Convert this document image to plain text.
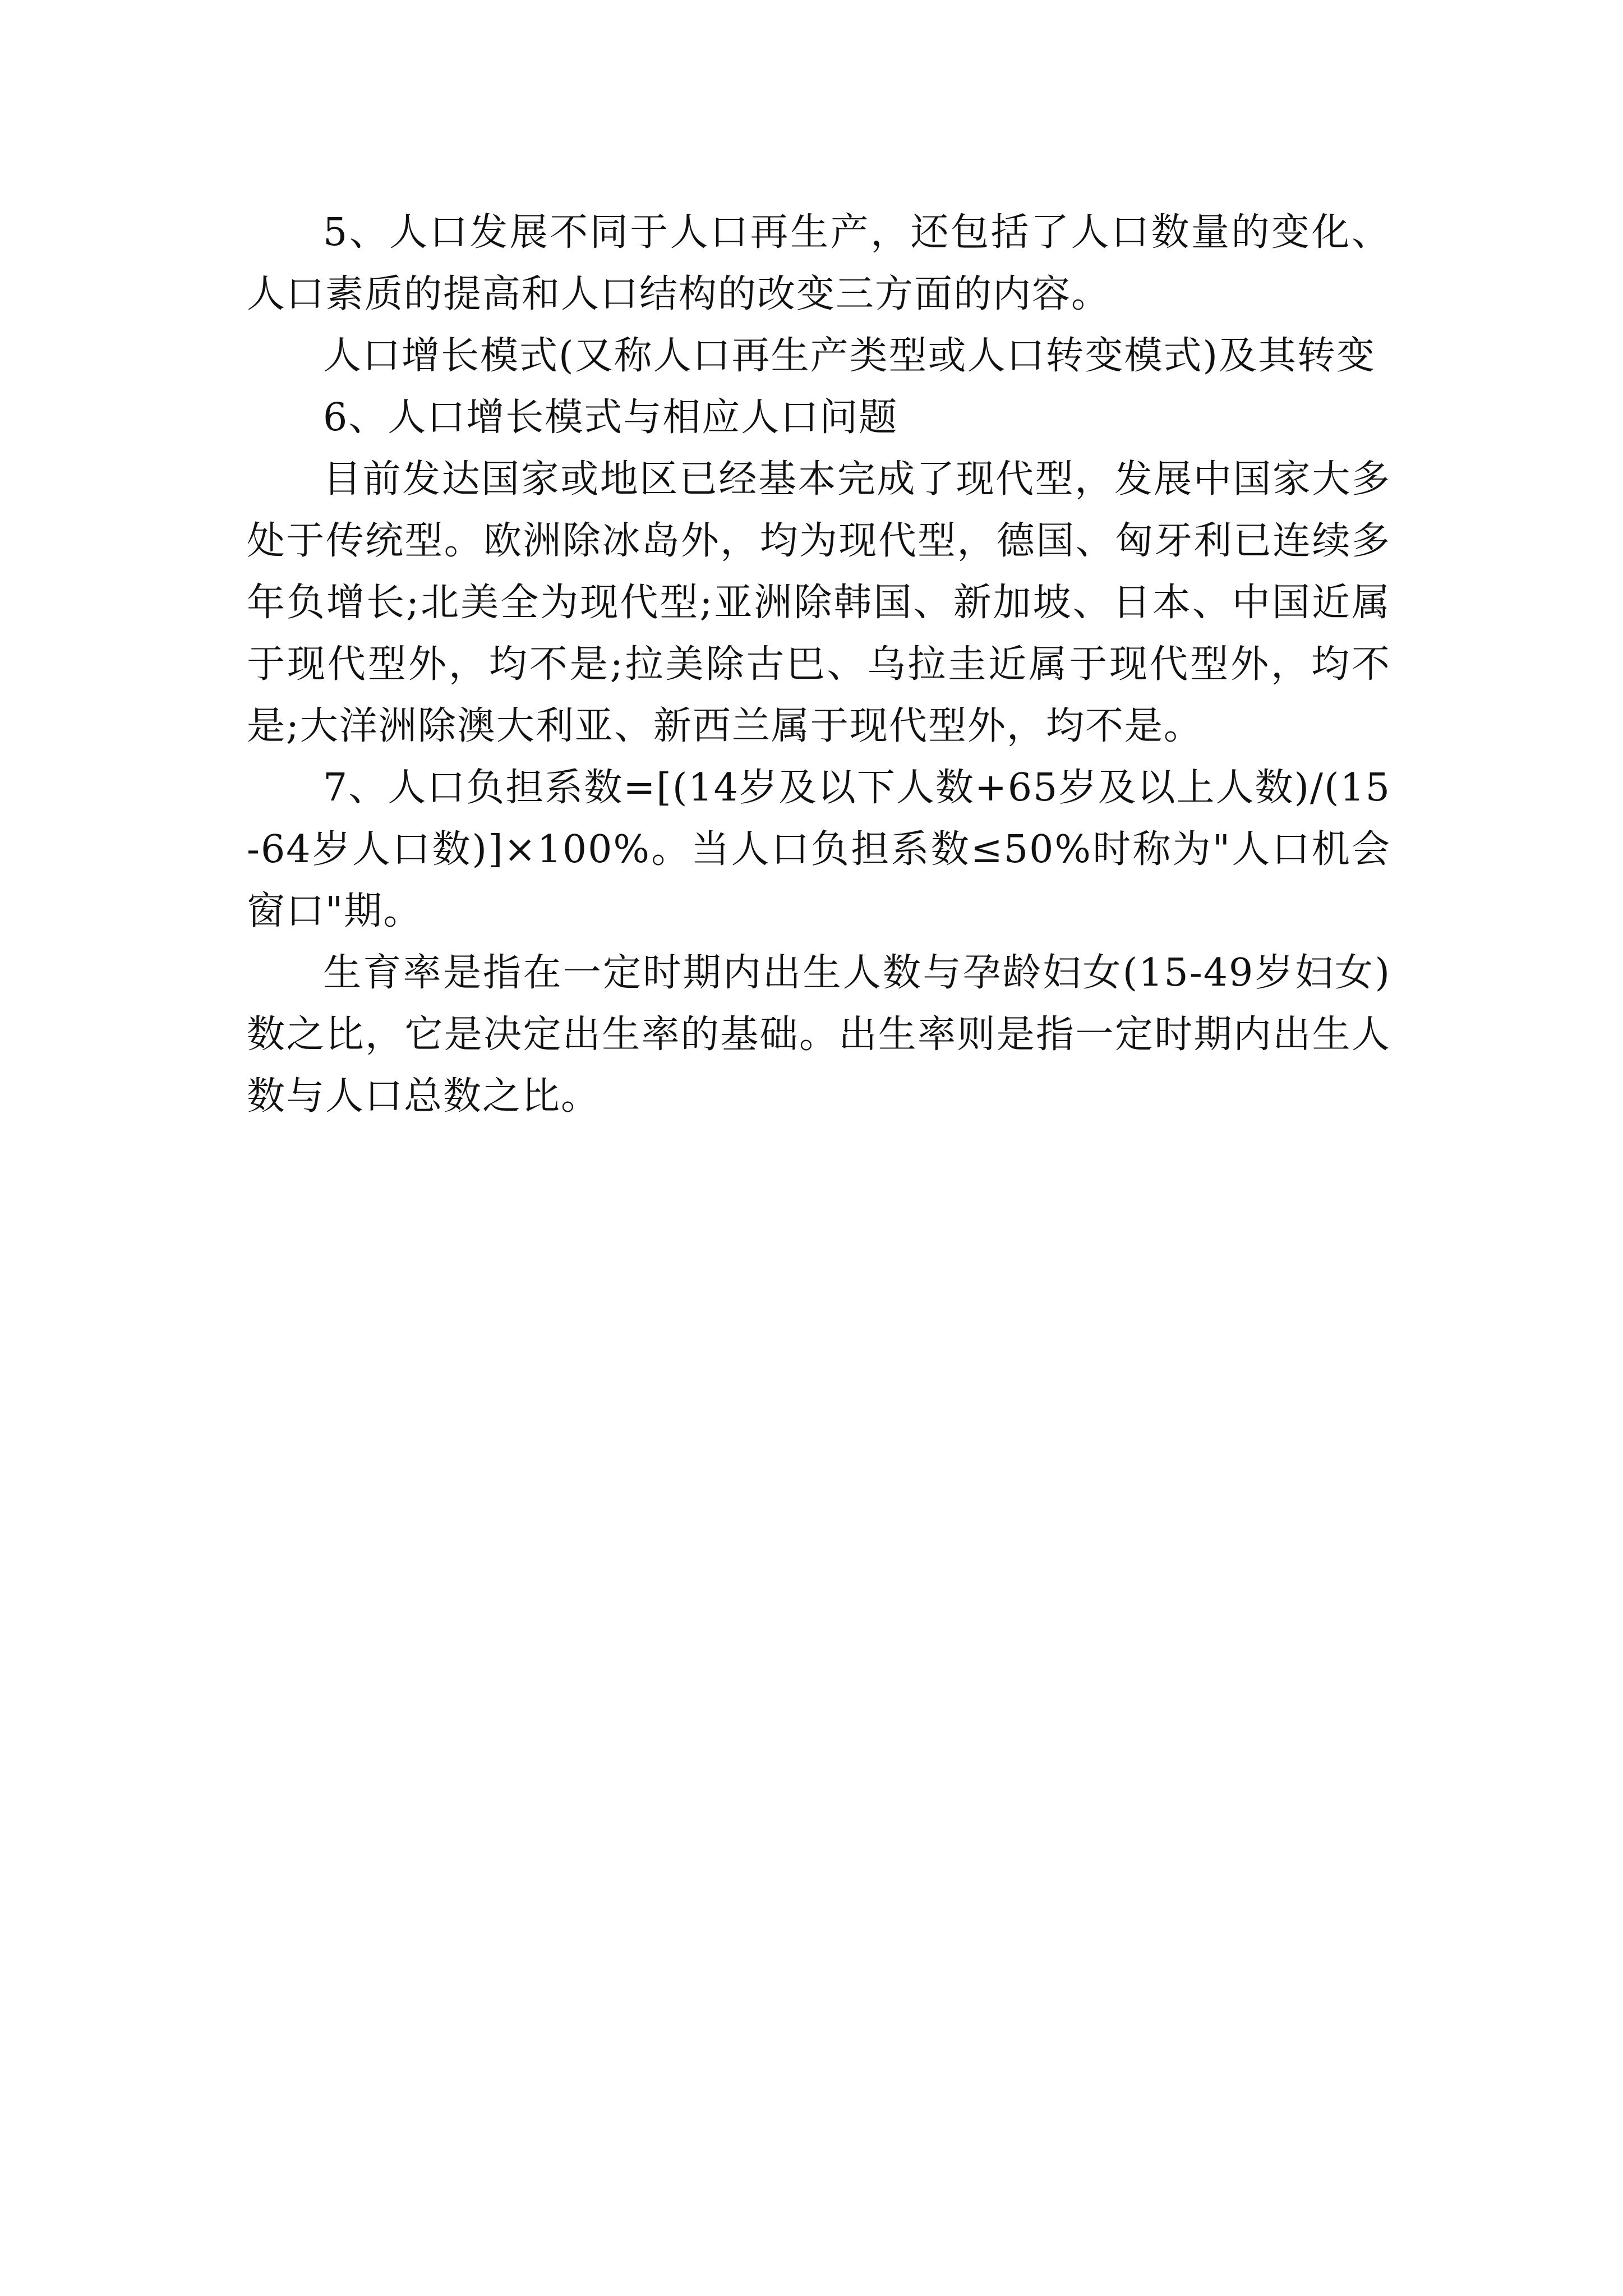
5、人口发展不同于人口再生产，还包括了人口数量的变化、人口素质的提高和人口结构的改变三方面的内容。

人口增长模式(又称人口再生产类型或人口转变模式)及其转变

6、人口增长模式与相应人口问题

目前发达国家或地区已经基本完成了现代型，发展中国家大多处于传统型。欧洲除冰岛外，均为现代型，德国、匈牙利已连续多年负增长;北美全为现代型;亚洲除韩国、新加坡、日本、中国近属于现代型外，均不是;拉美除古巴、乌拉圭近属于现代型外，均不是;大洋洲除澳大利亚、新西兰属于现代型外，均不是。

7、人口负担系数=[(14岁及以下人数+65岁及以上人数)/(15-64岁人口数)]×100%。当人口负担系数≤50%时称为"人口机会窗口"期。

生育率是指在一定时期内出生人数与孕龄妇女(15-49岁妇女)数之比，它是决定出生率的基础。出生率则是指一定时期内出生人数与人口总数之比。
